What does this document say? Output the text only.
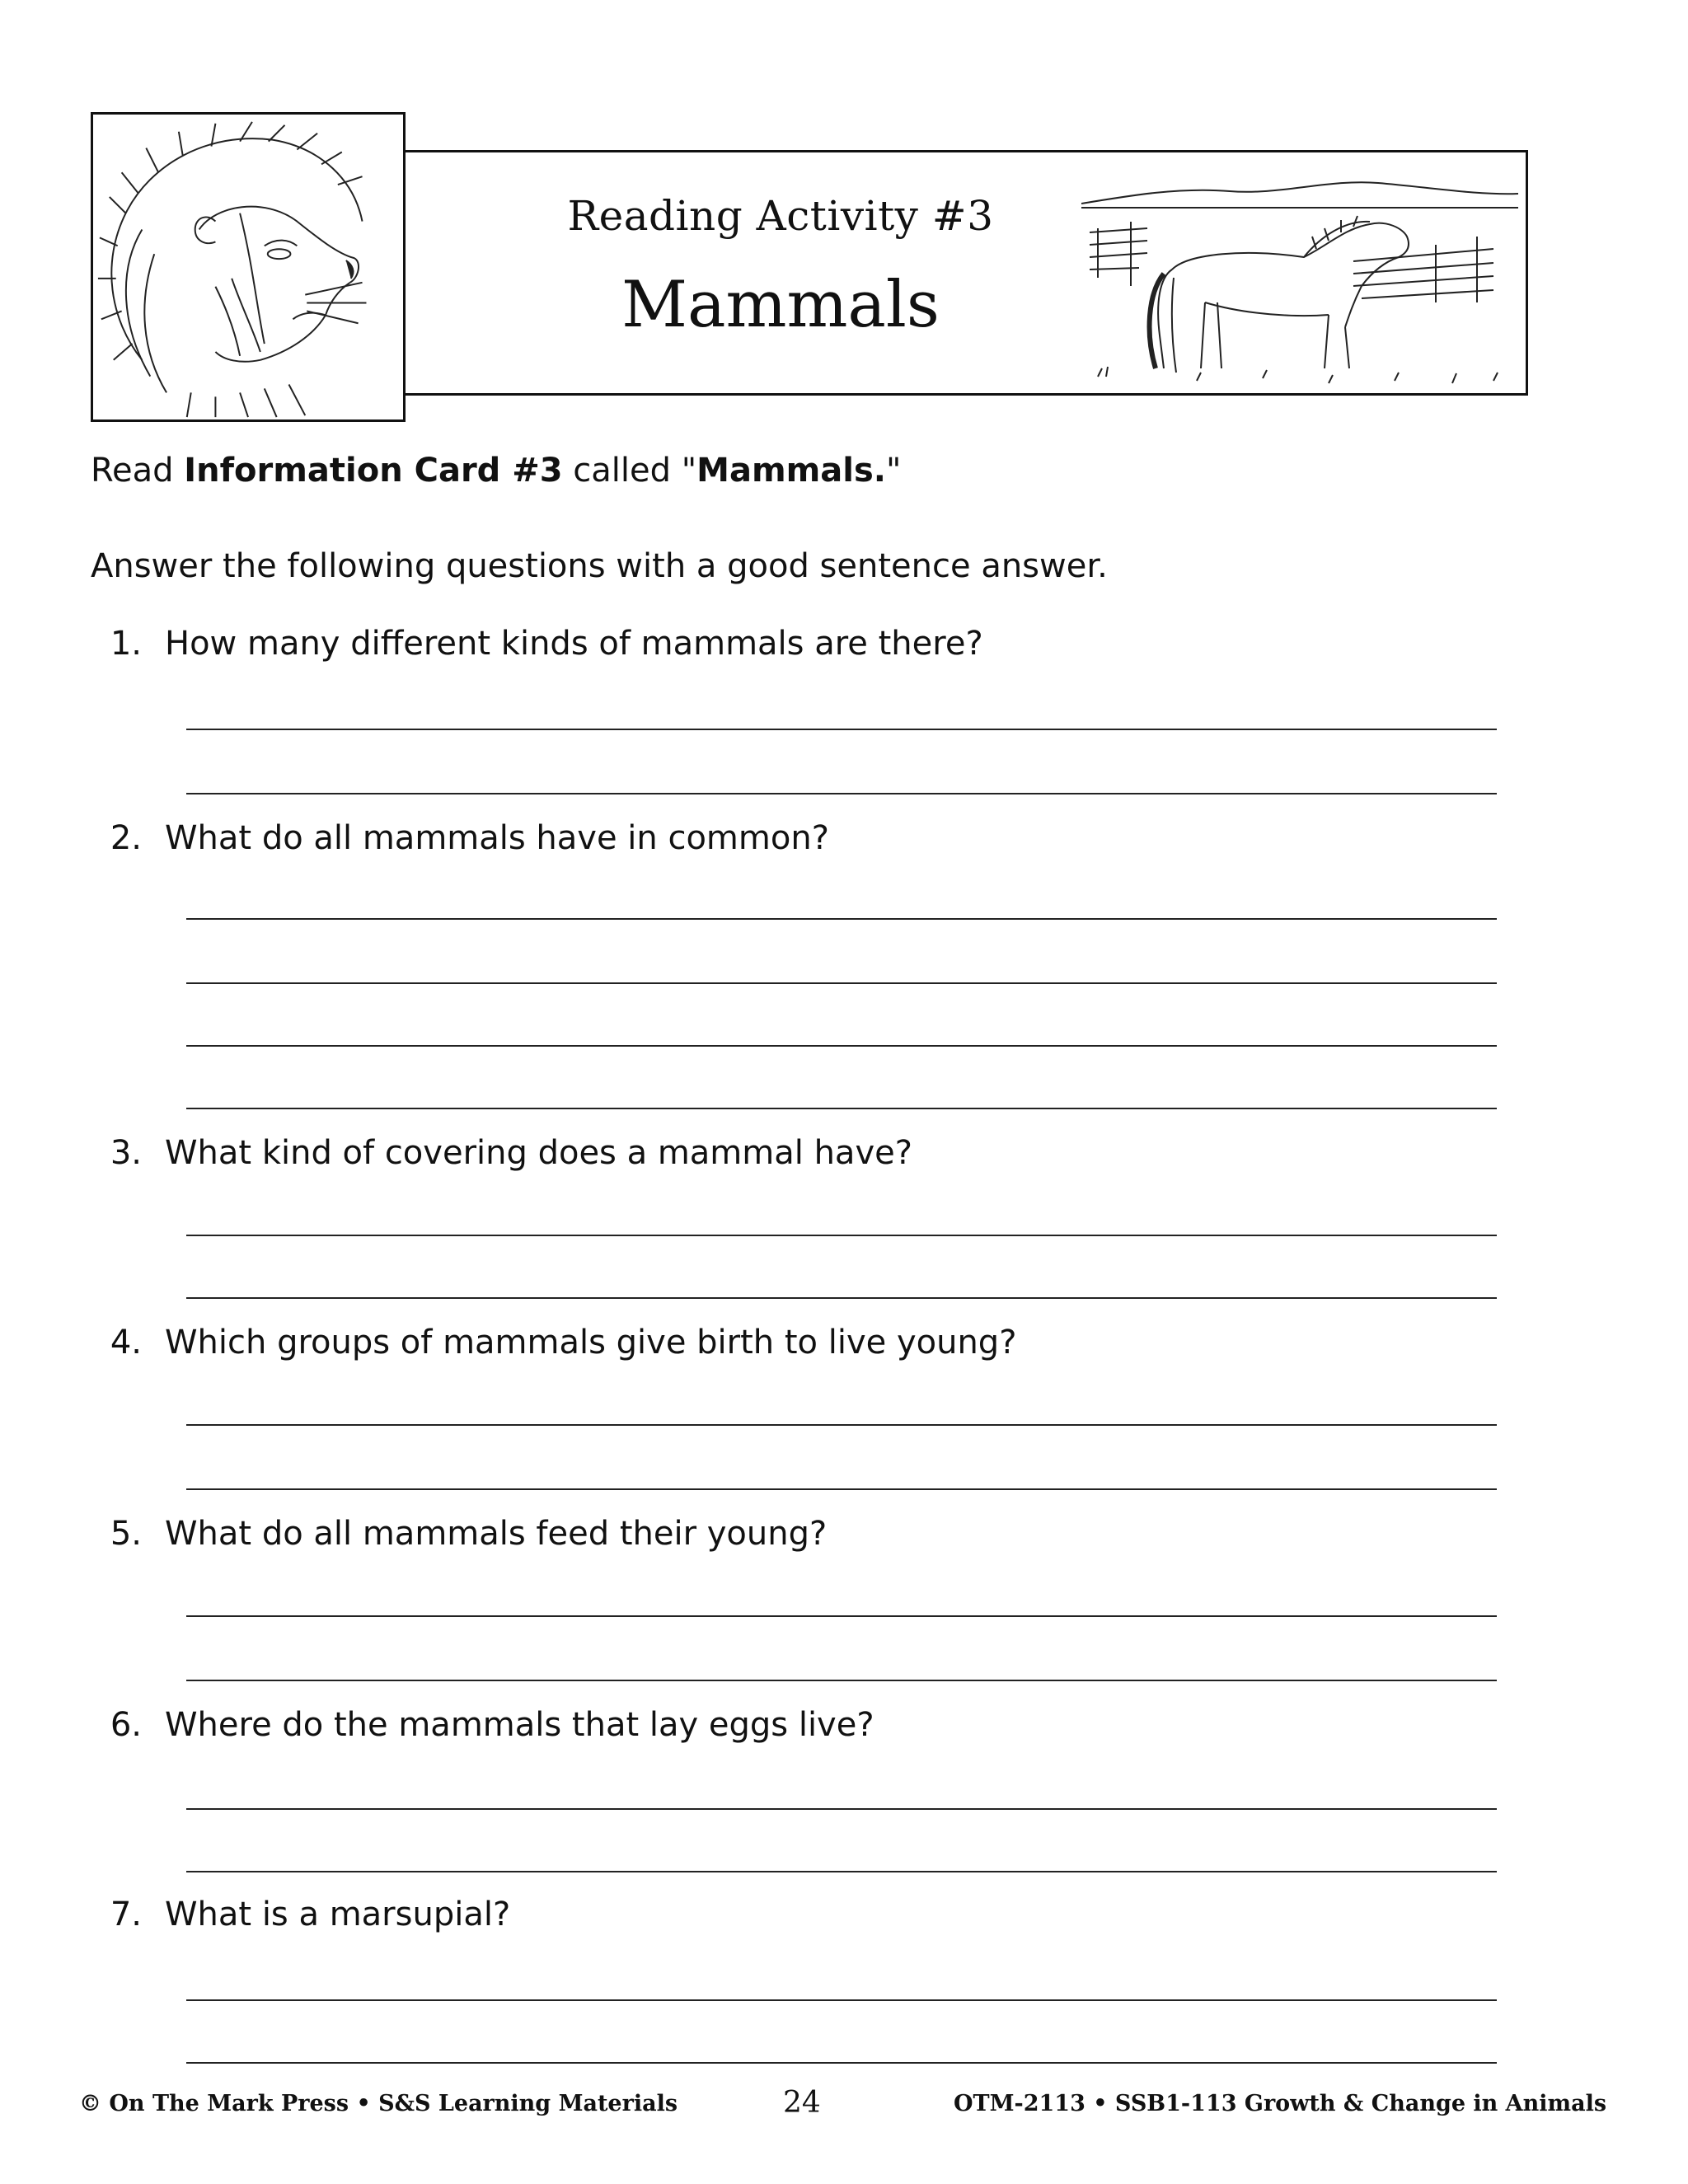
Reading Activity #3
Mammals
Read Information Card #3 called "Mammals."
Answer the following questions with a good sentence answer.
1. How many different kinds of mammals are there?
2. What do all mammals have in common?
3. What kind of covering does a mammal have?
4. Which groups of mammals give birth to live young?
5. What do all mammals feed their young?
6. Where do the mammals that lay eggs live?
7. What is a marsupial?
© On The Mark Press • S&S Learning Materials	24	OTM-2113 • SSB1-113 Growth & Change in Animals
